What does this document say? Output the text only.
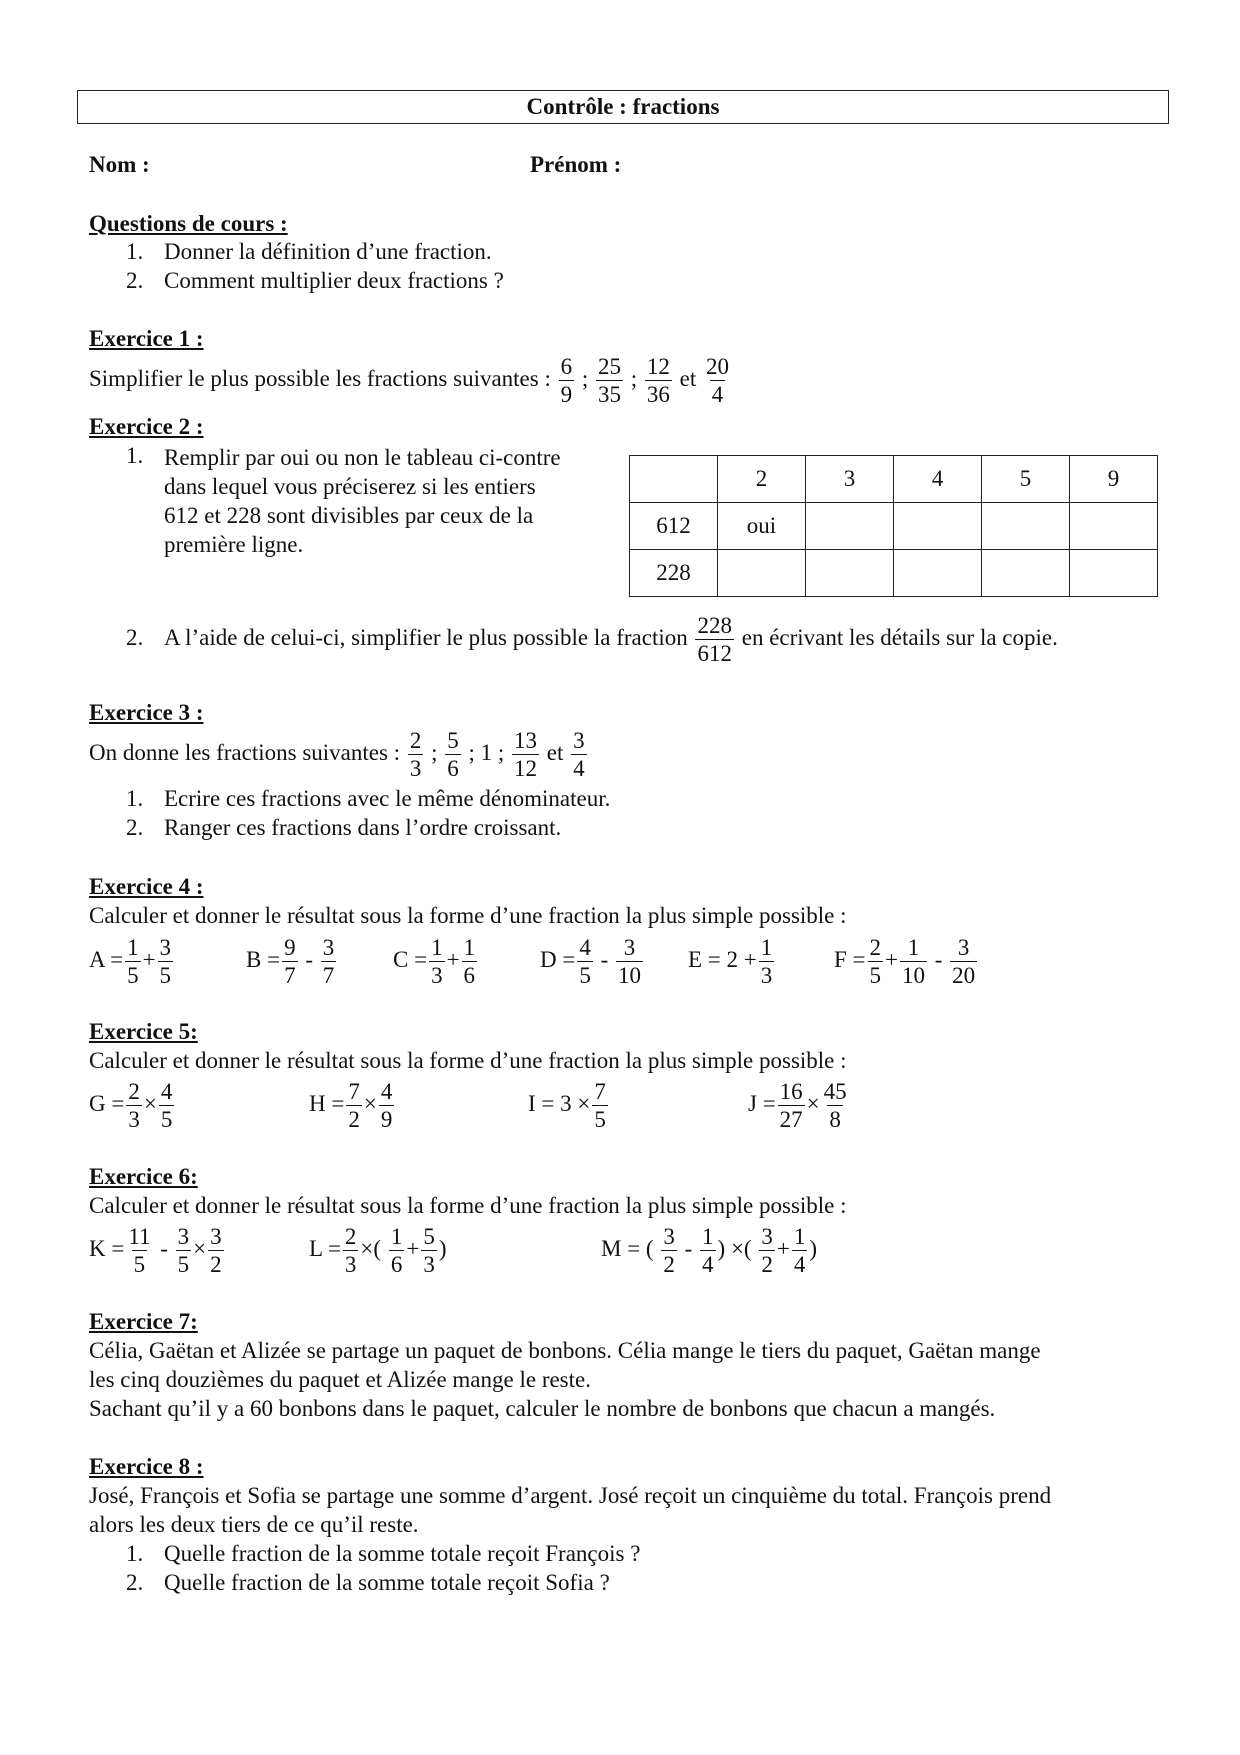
Contrôle : fractions
Nom :	Prénom :
Questions de cours :
1. Donner la définition d’une fraction.
2. Comment multiplier deux fractions ?
Exercice 1 :
Simplifier le plus possible les fractions suivantes : $\frac{6}{9}$ ; $\frac{25}{35}$ ; $\frac{12}{36}$ et $\frac{20}{4}$
Exercice 2 :
1. Remplir par oui ou non le tableau ci-contre
dans lequel vous préciserez si les entiers
612 et 228 sont divisibles par ceux de la
première ligne.
	2	3	4	5	9
612	oui				
228					
2. A l’aide de celui-ci, simplifier le plus possible la fraction $\frac{228}{612}$ en écrivant les détails sur la copie.
Exercice 3 :
On donne les fractions suivantes : $\frac{2}{3}$ ; $\frac{5}{6}$ ; 1 ; $\frac{13}{12}$ et $\frac{3}{4}$
1. Ecrire ces fractions avec le même dénominateur.
2. Ranger ces fractions dans l’ordre croissant.
Exercice 4 :
Calculer et donner le résultat sous la forme d’une fraction la plus simple possible :
$A = \frac{1}{5} + \frac{3}{5}$	$B = \frac{9}{7} - \frac{3}{7}$ $C = \frac{1}{3} + \frac{1}{6}$	$D = \frac{4}{5} - \frac{3}{10}$ $E = 2 + \frac{1}{3}$	$F = \frac{2}{5} + \frac{1}{10} - \frac{3}{20}$
Exercice 5:
Calculer et donner le résultat sous la forme d’une fraction la plus simple possible :
$G = \frac{2}{3} \times \frac{4}{5}$	$H = \frac{7}{2} \times \frac{4}{9}$	$I = 3 \times \frac{7}{5}$	$J = \frac{16}{27} \times \frac{45}{8}$
Exercice 6:
Calculer et donner le résultat sous la forme d’une fraction la plus simple possible :
$K = \frac{11}{5} - \frac{3}{5} \times \frac{3}{2}$	$L = \frac{2}{3}$ ×( $\frac{1}{6} + \frac{5}{3}$ )	M = ( $\frac{3}{2} - \frac{1}{4}$ ) ×( $\frac{3}{2} + \frac{1}{4}$ )
Exercice 7:
Célia, Gaëtan et Alizée se partage un paquet de bonbons. Célia mange le tiers du paquet, Gaëtan mange
les cinq douzièmes du paquet et Alizée mange le reste.
Sachant qu’il y a 60 bonbons dans le paquet, calculer le nombre de bonbons que chacun a mangés.
Exercice 8 :
José, François et Sofia se partage une somme d’argent. José reçoit un cinquième du total. François prend
alors les deux tiers de ce qu’il reste.
1. Quelle fraction de la somme totale reçoit François ?
2. Quelle fraction de la somme totale reçoit Sofia ?
